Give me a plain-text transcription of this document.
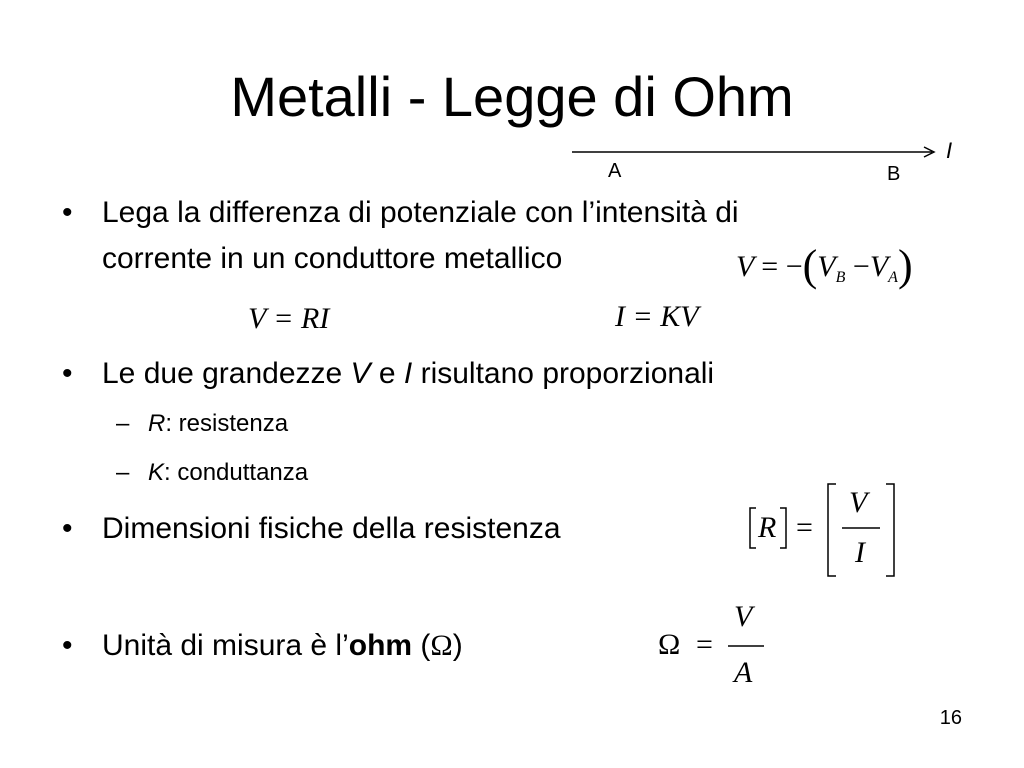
Metalli - Legge di Ohm
A	B
I
• Lega la differenza di potenziale con l’intensità di
corrente in un conduttore metallico	$V = -(V_B -V_A)$
V = RI	I = KV
• Le due grandezze V e I risultano proporzionali
– R: resistenza
– K: conduttanza
• Dimensioni fisiche della resistenza	R =
V
I
• Unità di misura è l’ohm (Ω)	Ω =
V
A
16
